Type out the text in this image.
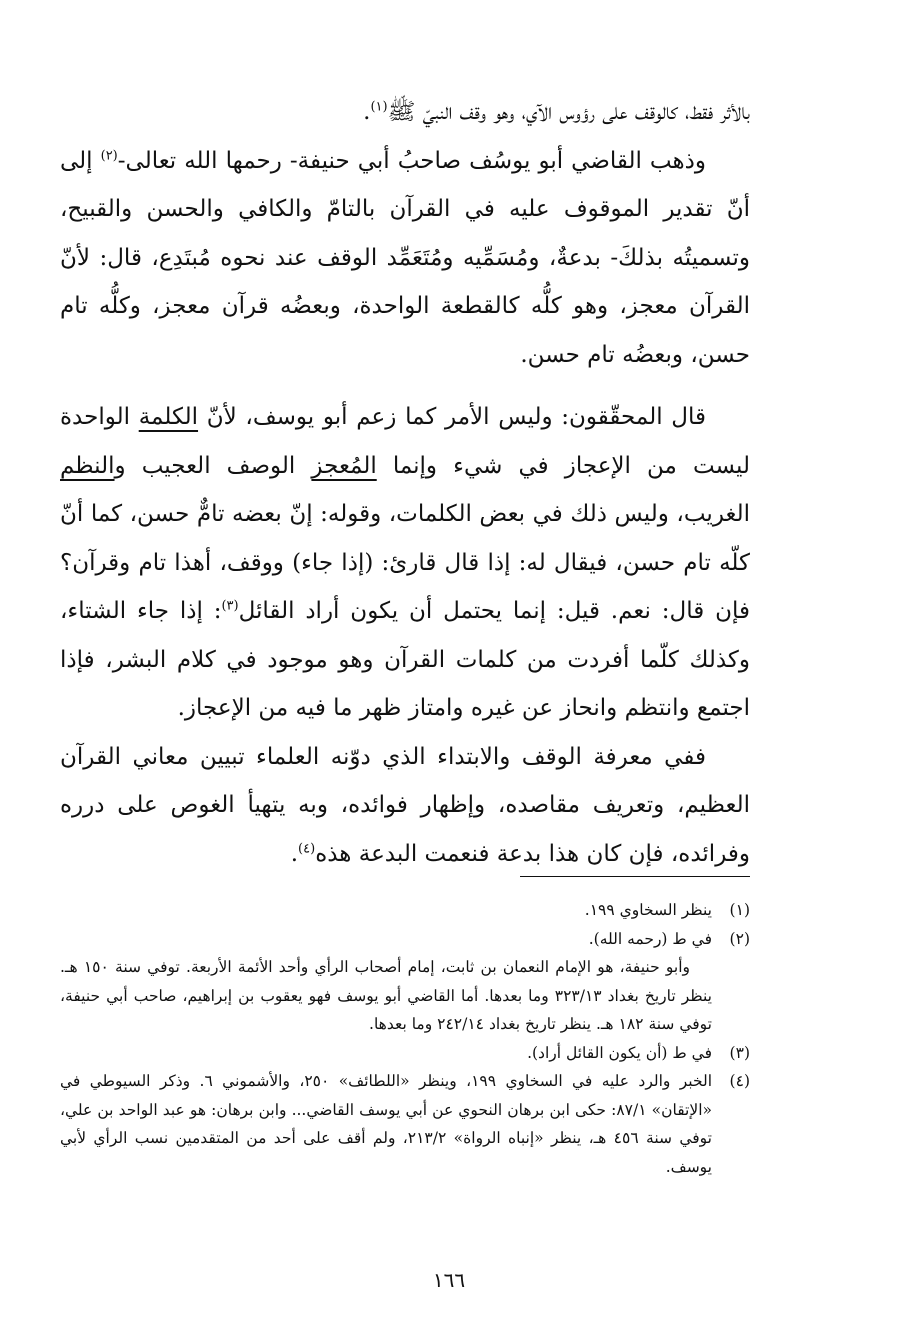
بالأثر فقط، كالوقف على رؤوس الآي، وهو وقف النبيّ ﷺ$^{(١)}$.

وذهب القاضي أبو يوسُف صاحبُ أبي حنيفة- رحمها الله تعالى-$^{(٢)}$ إلى أنّ تقدير الموقوف عليه في القرآن بالتامّ والكافي والحسن والقبيح، وتسميتُه بذلكَ- بدعةٌ، ومُسَمِّيه ومُتَعَمِّد الوقف عند نحوه مُبتَدِع، قال: لأنّ القرآن معجز، وهو كلُّه كالقطعة الواحدة، وبعضُه قرآن معجز، وكلُّه تام حسن، وبعضُه تام حسن.

قال المحقّقون: وليس الأمر كما زعم أبو يوسف، لأنّ الكلمة الواحدة ليست من الإعجاز في شيء وإنما المُعجز الوصف العجيب والنظم الغريب، وليس ذلك في بعض الكلمات، وقوله: إنّ بعضه تامٌّ حسن، كما أنّ كلّه تام حسن، فيقال له: إذا قال قارئ: (إذا جاء) ووقف، أهذا تام وقرآن؟ فإن قال: نعم. قيل: إنما يحتمل أن يكون أراد القائل$^{(٣)}$: إذا جاء الشتاء، وكذلك كلّما أفردت من كلمات القرآن وهو موجود في كلام البشر، فإذا اجتمع وانتظم وانحاز عن غيره وامتاز ظهر ما فيه من الإعجاز.

ففي معرفة الوقف والابتداء الذي دوّنه العلماء تبيين معاني القرآن العظيم، وتعريف مقاصده، وإظهار فوائده، وبه يتهيأ الغوص على درره وفرائده، فإن كان هذا بدعة فنعمت البدعة هذه$^{(٤)}$.

(١)

ينظر السخاوي ١٩٩.

(٢)

في ط (رحمه الله).

وأبو حنيفة، هو الإمام النعمان بن ثابت، إمام أصحاب الرأي وأحد الأئمة الأربعة. توفي سنة ١٥٠ هـ. ينظر تاريخ بغداد ٣٢٣/١٣ وما بعدها. أما القاضي أبو يوسف فهو يعقوب بن إبراهيم، صاحب أبي حنيفة، توفي سنة ١٨٢ هـ. ينظر تاريخ بغداد ٢٤٢/١٤ وما بعدها.

(٣)

في ط (أن يكون القائل أراد).

(٤)

الخبر والرد عليه في السخاوي ١٩٩، وينظر «اللطائف» ٢٥٠، والأشموني ٦. وذكر السيوطي في «الإتقان» ٨٧/١: حكى ابن برهان النحوي عن أبي يوسف القاضي... وابن برهان: هو عبد الواحد بن علي، توفي سنة ٤٥٦ هـ، ينظر «إنباه الرواة» ٢١٣/٢، ولم أقف على أحد من المتقدمين نسب الرأي لأبي يوسف.

١٦٦
